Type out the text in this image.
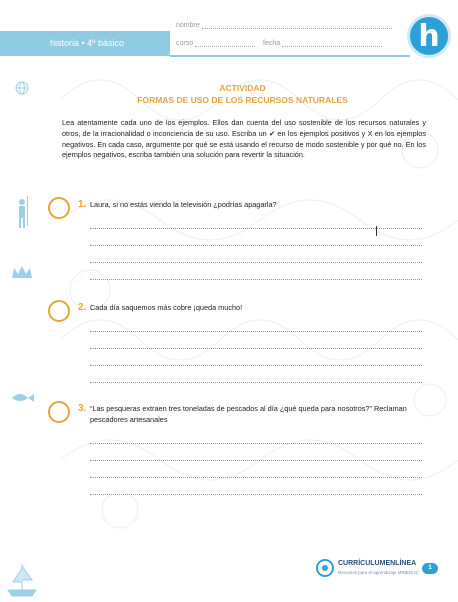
historia • 4º básico
nombre
curso	fecha	h
ACTIVIDAD
FORMAS DE USO DE LOS RECURSOS NATURALES
Lea atentamente cada uno de los ejemplos. Ellos dan cuenta del uso sostenible de los recursos naturales y otros, de la irracionalidad o inconciencia de su uso. Escriba un ✔ en los ejemplos positivos y X en los ejemplos negativos. En cada caso, argumente por qué se está usando el recurso de modo sostenible y por qué no. En los ejemplos negativos, escriba también una solución para revertir la situación.
1. Laura, si no estás viendo la televisión ¿podrías apagarla?
2. Cada día saquemos más cobre ¡queda mucho!
3. “Las pesqueras extraen tres toneladas de pescados al día ¿qué queda para nosotros?” Reclaman pescadores artesanales
CURRÍCULUMENLÍNEA
Recursos para el aprendizaje MINEDUC
1
